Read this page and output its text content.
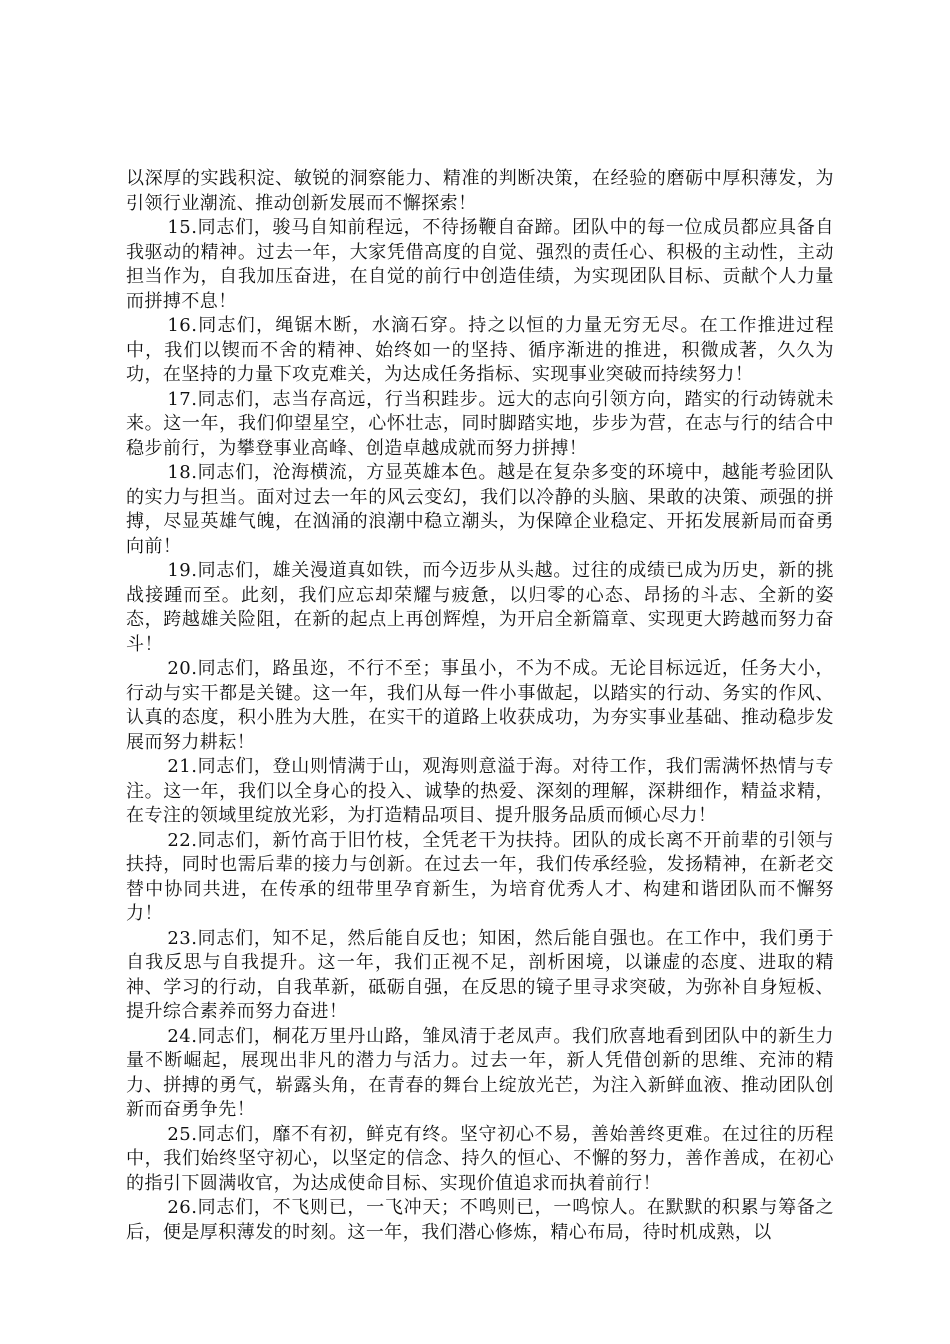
以深厚的实践积淀、敏锐的洞察能力、精准的判断决策，在经验的磨砺中厚积薄发，为引领行业潮流、推动创新发展而不懈探索！

15.同志们，骏马自知前程远，不待扬鞭自奋蹄。团队中的每一位成员都应具备自我驱动的精神。过去一年，大家凭借高度的自觉、强烈的责任心、积极的主动性，主动担当作为，自我加压奋进，在自觉的前行中创造佳绩，为实现团队目标、贡献个人力量而拼搏不息！

16.同志们，绳锯木断，水滴石穿。持之以恒的力量无穷无尽。在工作推进过程中，我们以锲而不舍的精神、始终如一的坚持、循序渐进的推进，积微成著，久久为功，在坚持的力量下攻克难关，为达成任务指标、实现事业突破而持续努力！

17.同志们，志当存高远，行当积跬步。远大的志向引领方向，踏实的行动铸就未来。这一年，我们仰望星空，心怀壮志，同时脚踏实地，步步为营，在志与行的结合中稳步前行，为攀登事业高峰、创造卓越成就而努力拼搏！

18.同志们，沧海横流，方显英雄本色。越是在复杂多变的环境中，越能考验团队的实力与担当。面对过去一年的风云变幻，我们以冷静的头脑、果敢的决策、顽强的拼搏，尽显英雄气魄，在汹涌的浪潮中稳立潮头，为保障企业稳定、开拓发展新局而奋勇向前！

19.同志们，雄关漫道真如铁，而今迈步从头越。过往的成绩已成为历史，新的挑战接踵而至。此刻，我们应忘却荣耀与疲惫，以归零的心态、昂扬的斗志、全新的姿态，跨越雄关险阻，在新的起点上再创辉煌，为开启全新篇章、实现更大跨越而努力奋斗！

20.同志们，路虽迩，不行不至；事虽小，不为不成。无论目标远近，任务大小，行动与实干都是关键。这一年，我们从每一件小事做起，以踏实的行动、务实的作风、认真的态度，积小胜为大胜，在实干的道路上收获成功，为夯实事业基础、推动稳步发展而努力耕耘！

21.同志们，登山则情满于山，观海则意溢于海。对待工作，我们需满怀热情与专注。这一年，我们以全身心的投入、诚挚的热爱、深刻的理解，深耕细作，精益求精，在专注的领域里绽放光彩，为打造精品项目、提升服务品质而倾心尽力！

22.同志们，新竹高于旧竹枝，全凭老干为扶持。团队的成长离不开前辈的引领与扶持，同时也需后辈的接力与创新。在过去一年，我们传承经验，发扬精神，在新老交替中协同共进，在传承的纽带里孕育新生，为培育优秀人才、构建和谐团队而不懈努力！

23.同志们，知不足，然后能自反也；知困，然后能自强也。在工作中，我们勇于自我反思与自我提升。这一年，我们正视不足，剖析困境，以谦虚的态度、进取的精神、学习的行动，自我革新，砥砺自强，在反思的镜子里寻求突破，为弥补自身短板、提升综合素养而努力奋进！

24.同志们，桐花万里丹山路，雏凤清于老凤声。我们欣喜地看到团队中的新生力量不断崛起，展现出非凡的潜力与活力。过去一年，新人凭借创新的思维、充沛的精力、拼搏的勇气，崭露头角，在青春的舞台上绽放光芒，为注入新鲜血液、推动团队创新而奋勇争先！

25.同志们，靡不有初，鲜克有终。坚守初心不易，善始善终更难。在过往的历程中，我们始终坚守初心，以坚定的信念、持久的恒心、不懈的努力，善作善成，在初心的指引下圆满收官，为达成使命目标、实现价值追求而执着前行！

26.同志们，不飞则已，一飞冲天；不鸣则已，一鸣惊人。在默默的积累与筹备之后，便是厚积薄发的时刻。这一年，我们潜心修炼，精心布局，待时机成熟，以
